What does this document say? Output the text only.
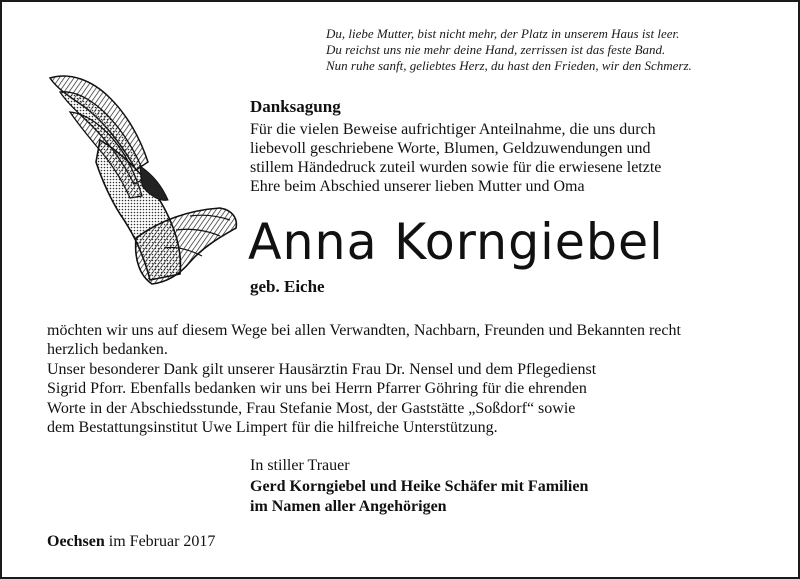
Du, liebe Mutter, bist nicht mehr, der Platz in unserem Haus ist leer.
Du reichst uns nie mehr deine Hand, zerrissen ist das feste Band.
Nun ruhe sanft, geliebtes Herz, du hast den Frieden, wir den Schmerz.
Danksagung
Für die vielen Beweise aufrichtiger Anteilnahme, die uns durch
liebevoll geschriebene Worte, Blumen, Geldzuwendungen und
stillem Händedruck zuteil wurden sowie für die erwiesene letzte
Ehre beim Abschied unserer lieben Mutter und Oma
Anna Korngiebel
geb. Eiche
möchten wir uns auf diesem Wege bei allen Verwandten, Nachbarn, Freunden und Bekannten recht
herzlich bedanken.
Unser besonderer Dank gilt unserer Hausärztin Frau Dr. Nensel und dem Pflegedienst
Sigrid Pforr. Ebenfalls bedanken wir uns bei Herrn Pfarrer Göhring für die ehrenden
Worte in der Abschiedsstunde, Frau Stefanie Most, der Gaststätte „Soßdorf“ sowie
dem Bestattungsinstitut Uwe Limpert für die hilfreiche Unterstützung.
In stiller Trauer
Gerd Korngiebel und Heike Schäfer mit Familien
im Namen aller Angehörigen
Oechsen im Februar 2017
